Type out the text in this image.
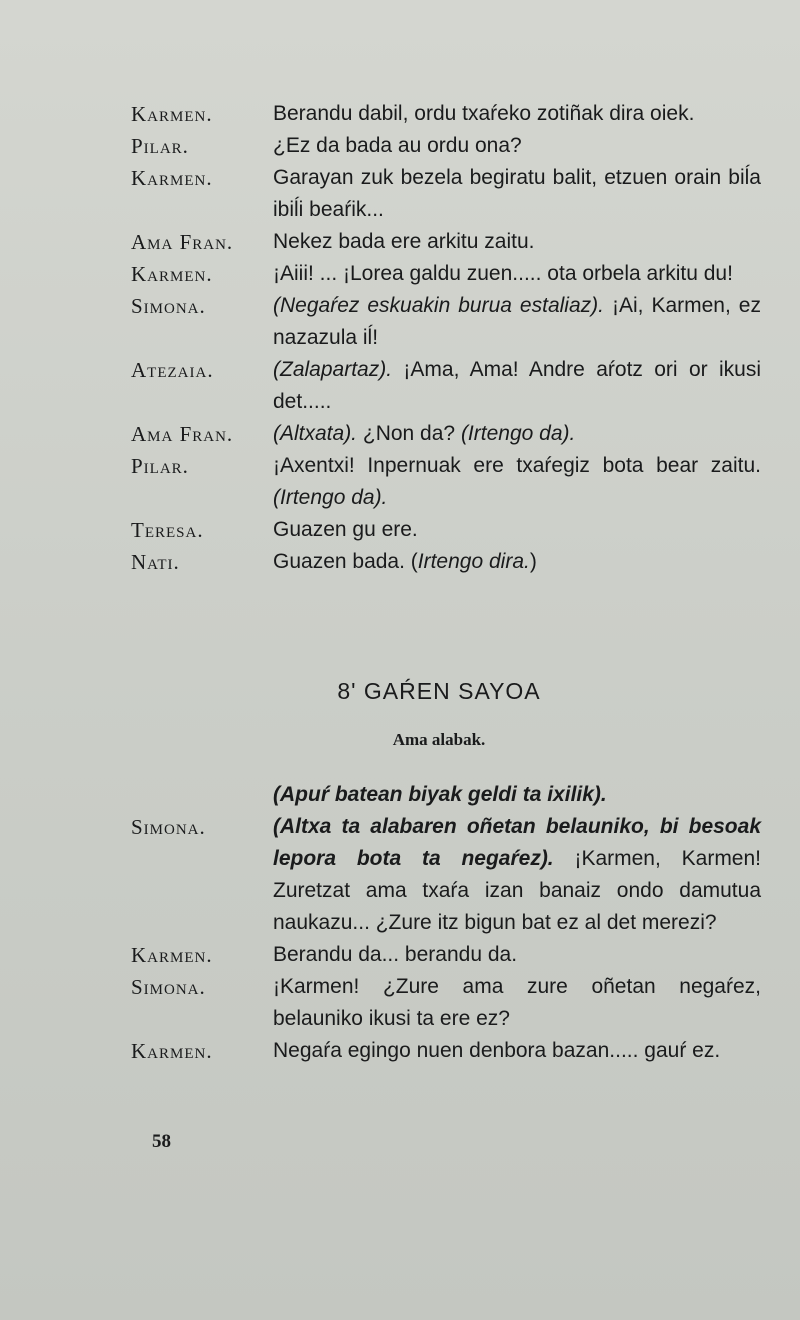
Karmen.	Berandu dabil, ordu txaŕeko zotiñak dira oiek.
Pilar.	¿Ez da bada au ordu ona?
Karmen.	Garayan zuk bezela begiratu balit, etzuen orain biĺa ibiĺi beaŕik...
Ama Fran.	Nekez bada ere arkitu zaitu.
Karmen.	¡Aiii! ... ¡Lorea galdu zuen..... ota orbela arkitu du!
Simona.	(Negaŕez eskuakin burua estaliaz). ¡Ai, Karmen, ez nazazula iĺ!
Atezaia.	(Zalapartaz). ¡Ama, Ama! Andre aŕotz ori or ikusi det.....
Ama Fran.	(Altxata). ¿Non da? (Irtengo da).
Pilar.	¡Axentxi! Inpernuak ere txaŕegiz bota bear zaitu. (Irtengo da).
Teresa.	Guazen gu ere.
Nati.	Guazen bada. (Irtengo dira.)
8' GAŔEN SAYOA
Ama alabak.
(Apuŕ batean biyak geldi ta ixilik).
Simona.	(Altxa ta alabaren oñetan belauniko, bi besoak lepora bota ta negaŕez). ¡Karmen, Karmen! Zuretzat ama txaŕa izan banaiz ondo damutua naukazu... ¿Zure itz bigun bat ez al det merezi?
Karmen.	Berandu da... berandu da.
Simona.	¡Karmen! ¿Zure ama zure oñetan negaŕez, belauniko ikusi ta ere ez?
Karmen.	Negaŕa egingo nuen denbora bazan..... gauŕ ez.
58
